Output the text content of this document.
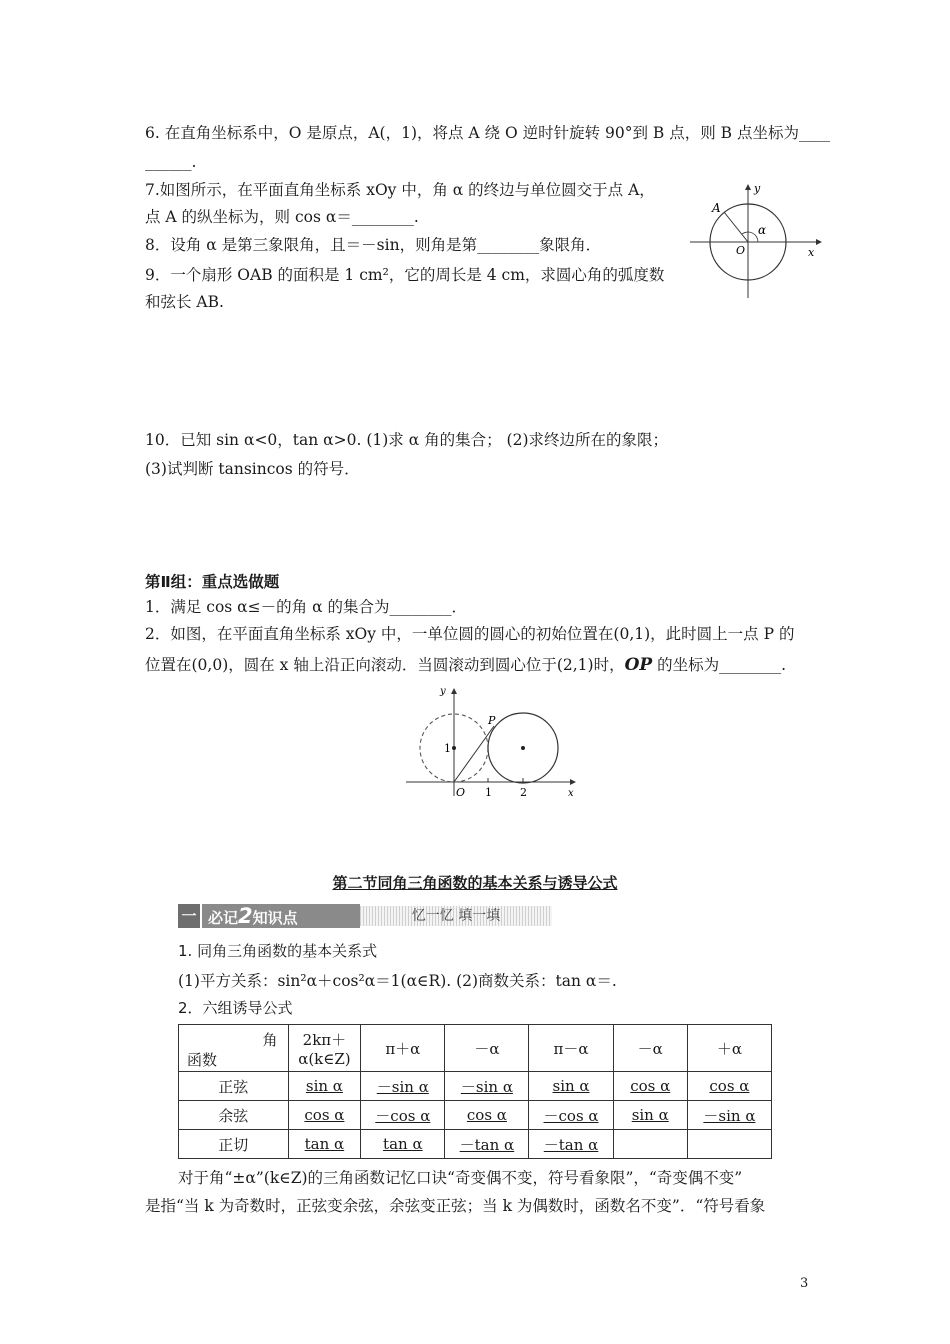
6. 在直角坐标系中，O 是原点，A(，1)，将点 A 绕 O 逆时针旋转 90°到 B 点，则 B 点坐标为____
______.
7.如图所示，在平面直角坐标系 xOy 中，角 α 的终边与单位圆交于点 A，
点 A 的纵坐标为，则 cos α＝________.
8．设角 α 是第三象限角，且＝－sin，则角是第________象限角．
9．一个扇形 OAB 的面积是 1 cm²，它的周长是 4 cm，求圆心角的弧度数
和弦长 AB.
A
O
α
y
x
10．已知 sin α<0，tan α>0. (1)求 α 角的集合； (2)求终边所在的象限；
(3)试判断 tansincos 的符号．
第Ⅱ组：重点选做题
1．满足 cos α≤－的角 α 的集合为________．
2．如图，在平面直角坐标系 xOy 中，一单位圆的圆心的初始位置在(0,1)，此时圆上一点 P 的
位置在(0,0)，圆在 x 轴上沿正向滚动．当圆滚动到圆心位于(2,1)时，OP 的坐标为________.
P
1
O 1	2
y
x
第二节同角三角函数的基本关系与诱导公式
一 必记2知识点	忆一忆 填一填
1. 同角三角函数的基本关系式
(1)平方关系：sin²α＋cos²α＝1(α∈R). (2)商数关系：tan α＝.
2．六组诱导公式
角
函数	2kπ＋α(k∈Z)	π＋α	－α	π－α	－α	＋α
正弦	sin α	－sin α	－sin α	sin α	cos α	cos α
余弦	cos α	－cos α	cos α	－cos α	sin α	－sin α
正切	tan α	tan α	－tan α	－tan α		
对于角“±α”(k∈Z)的三角函数记忆口诀“奇变偶不变，符号看象限”，“奇变偶不变”
是指“当 k 为奇数时，正弦变余弦，余弦变正弦；当 k 为偶数时，函数名不变”．“符号看象
3
